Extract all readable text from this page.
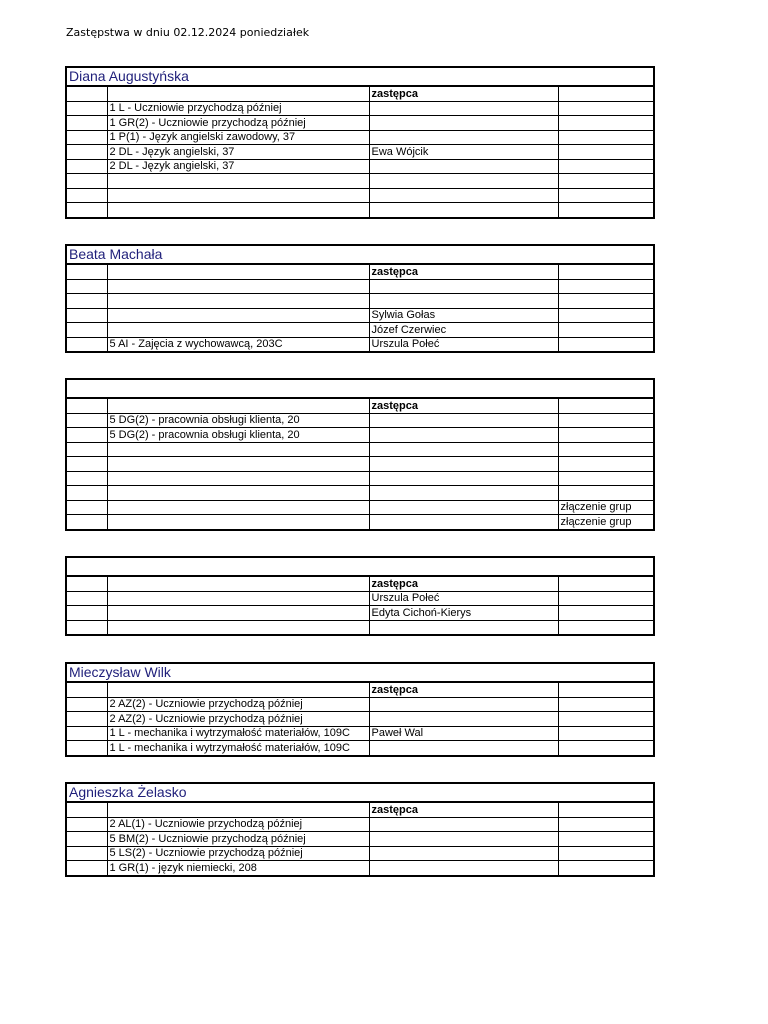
Zastępstwa w dniu 02.12.2024 poniedziałek
Diana Augustyńska			
		zastępca	
	1 L - Uczniowie przychodzą później		
	1 GR(2) - Uczniowie przychodzą później		
	1 P(1) - Język angielski zawodowy, 37		
	2 DL - Język angielski, 37	Ewa Wójcik	
	2 DL - Język angielski, 37		

Beata Machała			
		zastępca	

		Sylwia Gołas	
		Józef Czerwiec	
	5 AI - Zajęcia z wychowawcą, 203C	Urszula Połeć	

		zastępca	
	5 DG(2) - pracownia obsługi klienta, 20		
	5 DG(2) - pracownia obsługi klienta, 20		

			złączenie grup
			złączenie grup

		zastępca	
		Urszula Połeć	
		Edyta Cichoń-Kierys	

Mieczysław Wilk			
		zastępca	
	2 AZ(2) - Uczniowie przychodzą później		
	2 AZ(2) - Uczniowie przychodzą później		
	1 L - mechanika i wytrzymałość materiałów, 109C	Paweł Wal	
	1 L - mechanika i wytrzymałość materiałów, 109C		
Agnieszka Żelasko			
		zastępca	
	2 AL(1) - Uczniowie przychodzą później		
	5 BM(2) - Uczniowie przychodzą później		
	5 LS(2) - Uczniowie przychodzą później		
	1 GR(1) - język niemiecki, 208		
